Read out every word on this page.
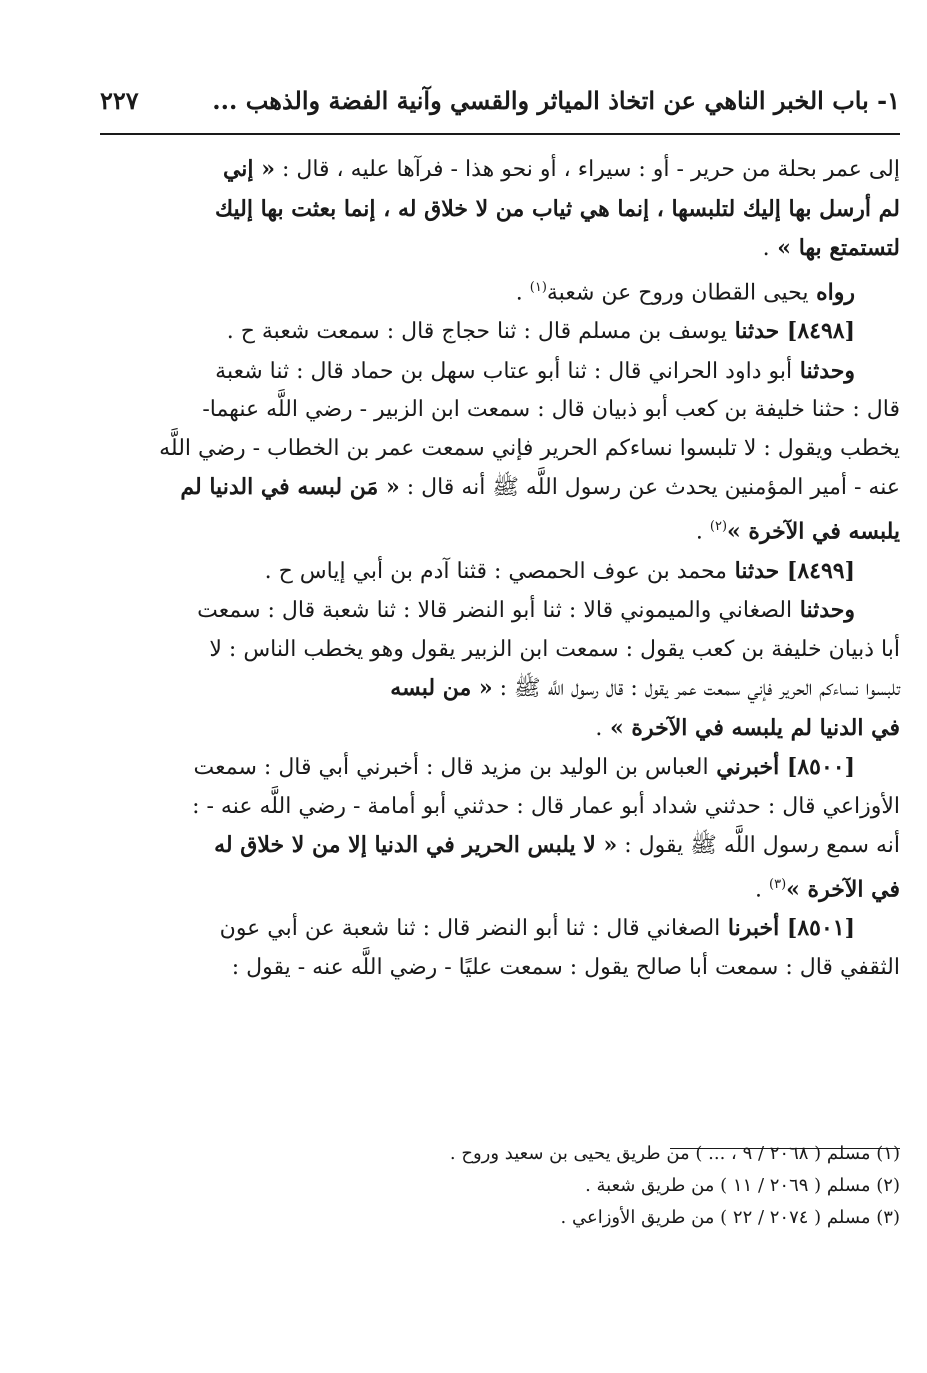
١- باب الخبر الناهي عن اتخاذ المياثر والقسي وآنية الفضة والذهب ...
٢٢٧
إلى عمر بحلة من حرير - أو : سيراء ، أو نحو هذا - فرآها عليه ، قال : « إني
لم أرسل بها إليك لتلبسها ، إنما هي ثياب من لا خلاق له ، إنما بعثت بها إليك
لتستمتع بها » .
رواه يحيى القطان وروح عن شعبة$^{(١)}$ .
[٨٤٩٨] حدثنا يوسف بن مسلم قال : ثنا حجاج قال : سمعت شعبة ح .
وحدثنا أبو داود الحراني قال : ثنا أبو عتاب سهل بن حماد قال : ثنا شعبة
قال : حثنا خليفة بن كعب أبو ذبيان قال : سمعت ابن الزبير - رضي اللَّه عنهما-
يخطب ويقول : لا تلبسوا نساءكم الحرير فإني سمعت عمر بن الخطاب - رضي اللَّه
عنه - أمير المؤمنين يحدث عن رسول اللَّه ﷺ أنه قال : « مَن لبسه في الدنيا لم
يلبسه في الآخرة »$^{(٢)}$ .
[٨٤٩٩] حدثنا محمد بن عوف الحمصي : قثنا آدم بن أبي إياس ح .
وحدثنا الصغاني والميموني قالا : ثنا أبو النضر قالا : ثنا شعبة قال : سمعت
أبا ذبيان خليفة بن كعب يقول : سمعت ابن الزبير يقول وهو يخطب الناس : لا
تلبسوا نساءكم الحرير فإني سمعت عمر يقول : قال رسول اللَّه ﷺ : « من لبسه
في الدنيا لم يلبسه في الآخرة » .
[٨٥٠٠] أخبرني العباس بن الوليد بن مزيد قال : أخبرني أبي قال : سمعت
الأوزاعي قال : حدثني شداد أبو عمار قال : حدثني أبو أمامة - رضي اللَّه عنه - :
أنه سمع رسول اللَّه ﷺ يقول : « لا يلبس الحرير في الدنيا إلا من لا خلاق له
في الآخرة »$^{(٣)}$ .
[٨٥٠١] أخبرنا الصغاني قال : ثنا أبو النضر قال : ثنا شعبة عن أبي عون
الثقفي قال : سمعت أبا صالح يقول : سمعت عليًا - رضي اللَّه عنه - يقول :
(١) مسلم ( ٢٠٦٨ / ٩ ، ... ) من طريق يحيى بن سعيد وروح .
(٢) مسلم ( ٢٠٦٩ / ١١ ) من طريق شعبة .
(٣) مسلم ( ٢٠٧٤ / ٢٢ ) من طريق الأوزاعي .
